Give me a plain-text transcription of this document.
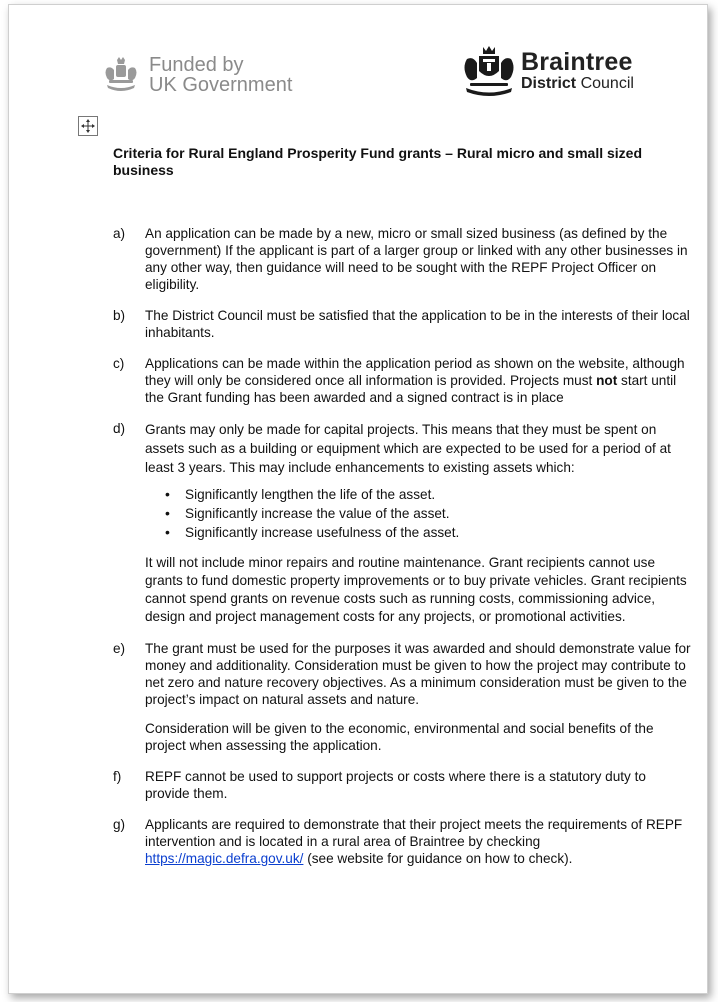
Funded by
UK Government
Braintree
District Council
Criteria for Rural England Prosperity Fund grants – Rural micro and small sized business
a) An application can be made by a new, micro or small sized business (as defined by the government) If the applicant is part of a larger group or linked with any other businesses in any other way, then guidance will need to be sought with the REPF Project Officer on eligibility.

b) The District Council must be satisfied that the application to be in the interests of their local inhabitants.

c) Applications can be made within the application period as shown on the website, although they will only be considered once all information is provided. Projects must not start until the Grant funding has been awarded and a signed contract is in place

d) Grants may only be made for capital projects. This means that they must be spent on assets such as a building or equipment which are expected to be used for a period of at least 3 years. This may include enhancements to existing assets which:

• Significantly lengthen the life of the asset.
• Significantly increase the value of the asset.
• Significantly increase usefulness of the asset.

It will not include minor repairs and routine maintenance. Grant recipients cannot use grants to fund domestic property improvements or to buy private vehicles. Grant recipients cannot spend grants on revenue costs such as running costs, commissioning advice, design and project management costs for any projects, or promotional activities.

e) The grant must be used for the purposes it was awarded and should demonstrate value for money and additionality. Consideration must be given to how the project may contribute to net zero and nature recovery objectives. As a minimum consideration must be given to the project’s impact on natural assets and nature.

Consideration will be given to the economic, environmental and social benefits of the project when assessing the application.

f) REPF cannot be used to support projects or costs where there is a statutory duty to provide them.

g) Applicants are required to demonstrate that their project meets the requirements of REPF intervention and is located in a rural area of Braintree by checking https://magic.defra.gov.uk/ (see website for guidance on how to check).
